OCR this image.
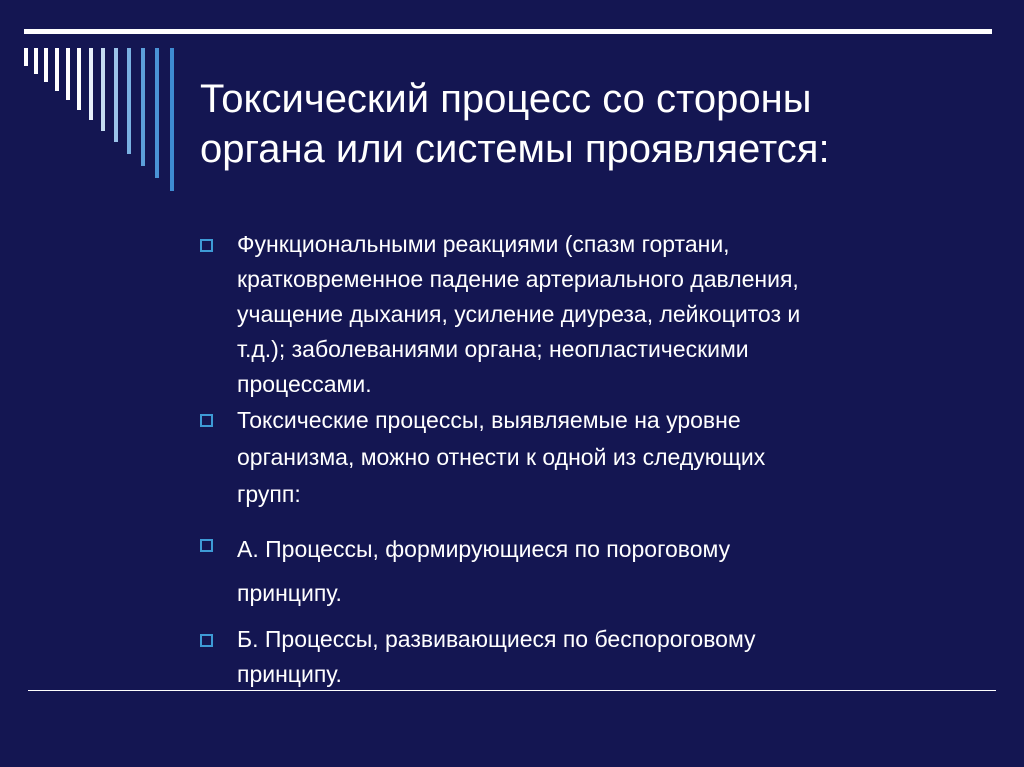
Токсический процесс со стороны
органа или системы проявляется:
Функциональными реакциями (спазм гортани,
кратковременное падение артериального давления,
учащение дыхания, усиление диуреза, лейкоцитоз и
т.д.); заболеваниями органа; неопластическими
процессами.
Токсические процессы, выявляемые на уровне
организма, можно отнести к одной из следующих
групп:
А. Процессы, формирующиеся по пороговому
принципу.
Б. Процессы, развивающиеся по беспороговому
принципу.
